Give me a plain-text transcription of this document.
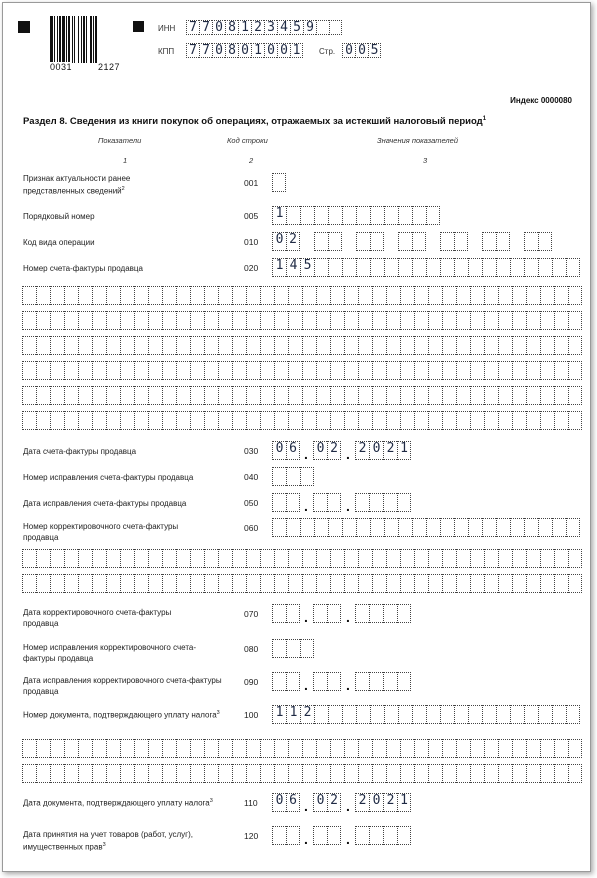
0031	2127
ИНН 7 7 0 8 1 2 3 4 5 9
КПП 7 7 0 8 0 1 0 0 1	Стр. 0 0 5
Индекс 0000080
Раздел 8. Сведения из книги покупок об операциях, отражаемых за истекший налоговый период$^1$
Показатели	Код строки	Значения показателей
1	2	3
Признак актуальности ранее представленных сведений$^2$
001
Порядковый номер	005 1
Код вида операции	010 0 2
Номер счета-фактуры продавца	020 1 4 5
Дата счета-фактуры продавца	030 0 6 . 0 2 . 2 0 2 1
Номер исправления счета-фактуры продавца	040
Дата исправления счета-фактуры продавца	050	.	.
Номер корректировочного счета-фактуры продавца
060
Дата корректировочного счета-фактуры продавца
070	.	.
Номер исправления корректировочного счета-фактуры продавца
080
Дата исправления корректировочного счета-фактуры продавца
090	.	.
Номер документа, подтверждающего уплату налога$^3$	100 1 1 2
Дата документа, подтверждающего уплату налога$^3$	110 0 6 . 0 2 . 2 0 2 1
Дата принятия на учет товаров (работ, услуг), имущественных прав$^3$
120	.	.
